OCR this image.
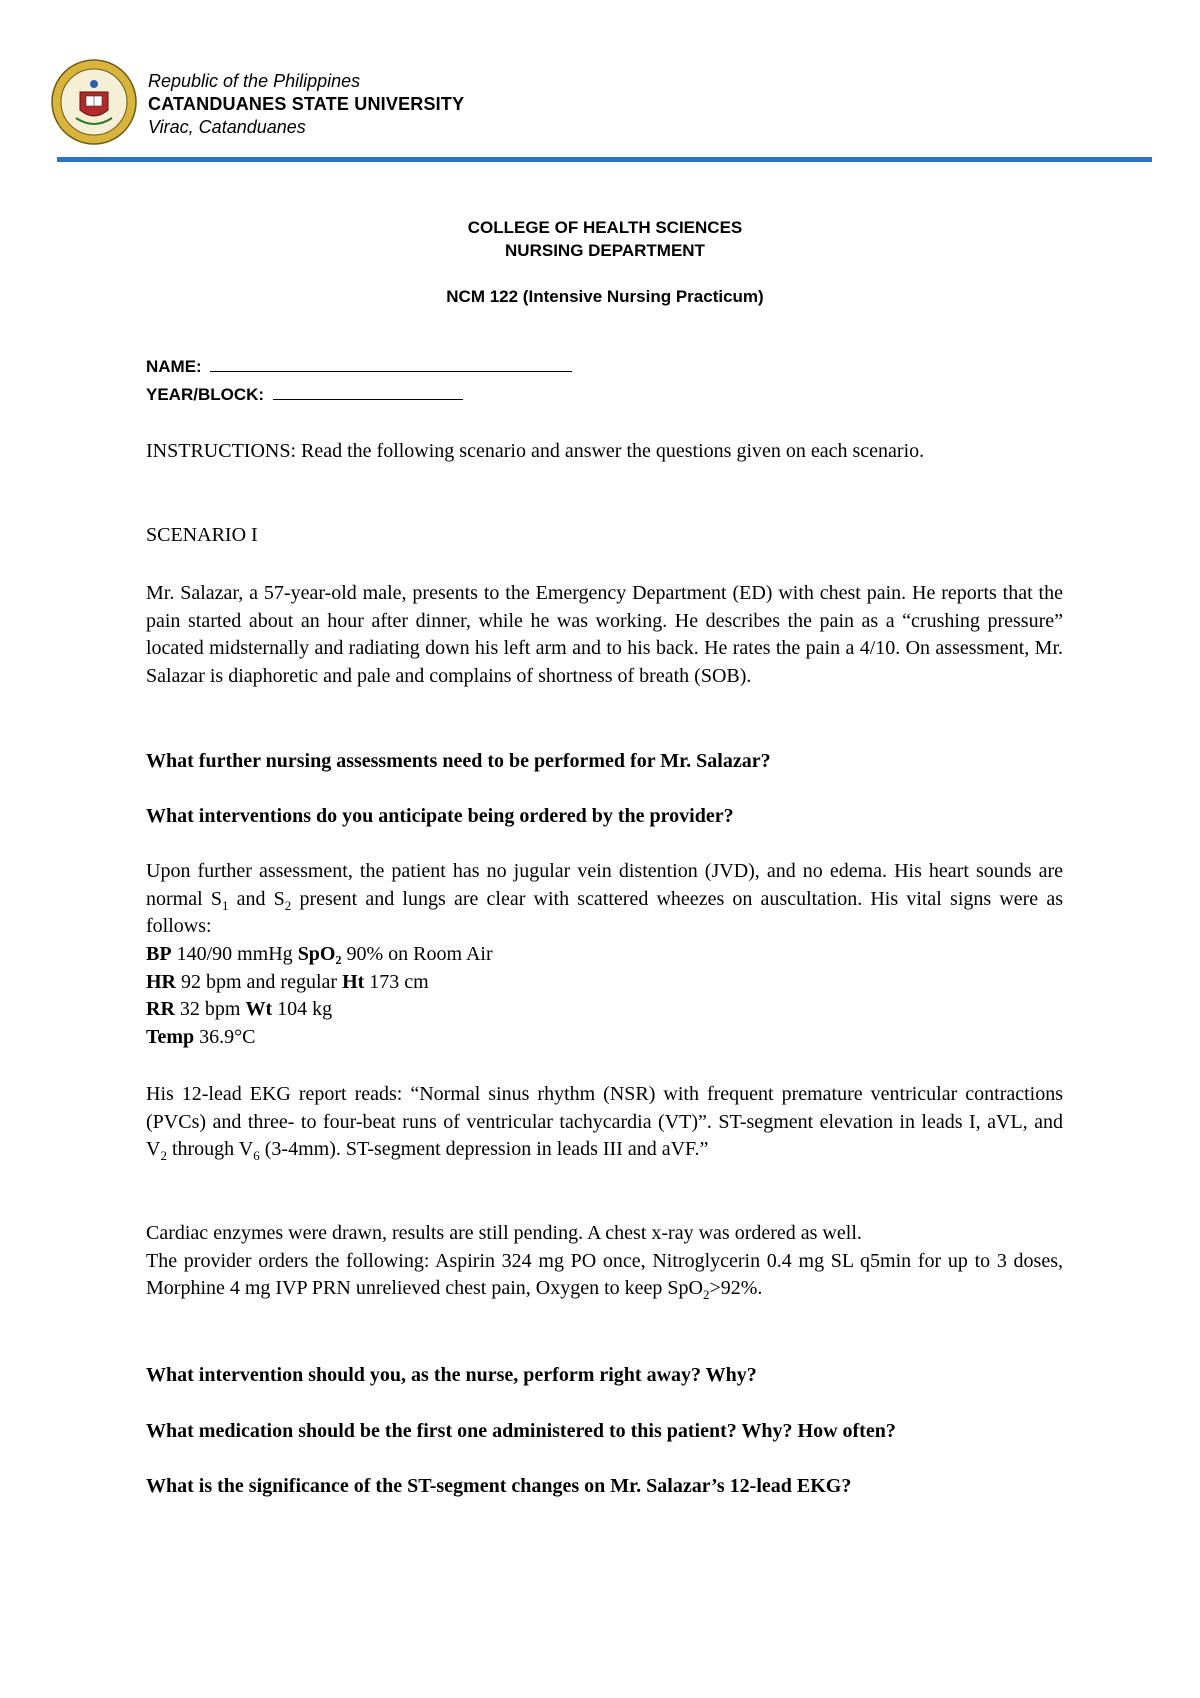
Republic of the Philippines
CATANDUANES STATE UNIVERSITY
Virac, Catanduanes
COLLEGE OF HEALTH SCIENCES
NURSING DEPARTMENT
NCM 122 (Intensive Nursing Practicum)
NAME:
YEAR/BLOCK:
INSTRUCTIONS: Read the following scenario and answer the questions given on each scenario.
SCENARIO I
Mr. Salazar, a 57-year-old male, presents to the Emergency Department (ED) with chest pain. He reports that the pain started about an hour after dinner, while he was working. He describes the pain as a “crushing pressure” located midsternally and radiating down his left arm and to his back. He rates the pain a 4/10. On assessment, Mr. Salazar is diaphoretic and pale and complains of shortness of breath (SOB).
What further nursing assessments need to be performed for Mr. Salazar?
What interventions do you anticipate being ordered by the provider?
Upon further assessment, the patient has no jugular vein distention (JVD), and no edema. His heart sounds are normal $S_1$ and $S_2$ present and lungs are clear with scattered wheezes on auscultation. His vital signs were as follows:
BP 140/90 mmHg SpO₂ 90% on Room Air
HR 92 bpm and regular Ht 173 cm
RR 32 bpm Wt 104 kg
Temp 36.9°C
His 12-lead EKG report reads: “Normal sinus rhythm (NSR) with frequent premature ventricular contractions (PVCs) and three- to four-beat runs of ventricular tachycardia (VT)”. ST-segment elevation in leads I, aVL, and $V_2$ through $V_6$ (3-4mm). ST-segment depression in leads III and aVF.”
Cardiac enzymes were drawn, results are still pending. A chest x-ray was ordered as well.
The provider orders the following: Aspirin 324 mg PO once, Nitroglycerin 0.4 mg SL q5min for up to 3 doses, Morphine 4 mg IVP PRN unrelieved chest pain, Oxygen to keep SpO$_2$>92%.
What intervention should you, as the nurse, perform right away? Why?
What medication should be the first one administered to this patient? Why? How often?
What is the significance of the ST-segment changes on Mr. Salazar’s 12-lead EKG?
